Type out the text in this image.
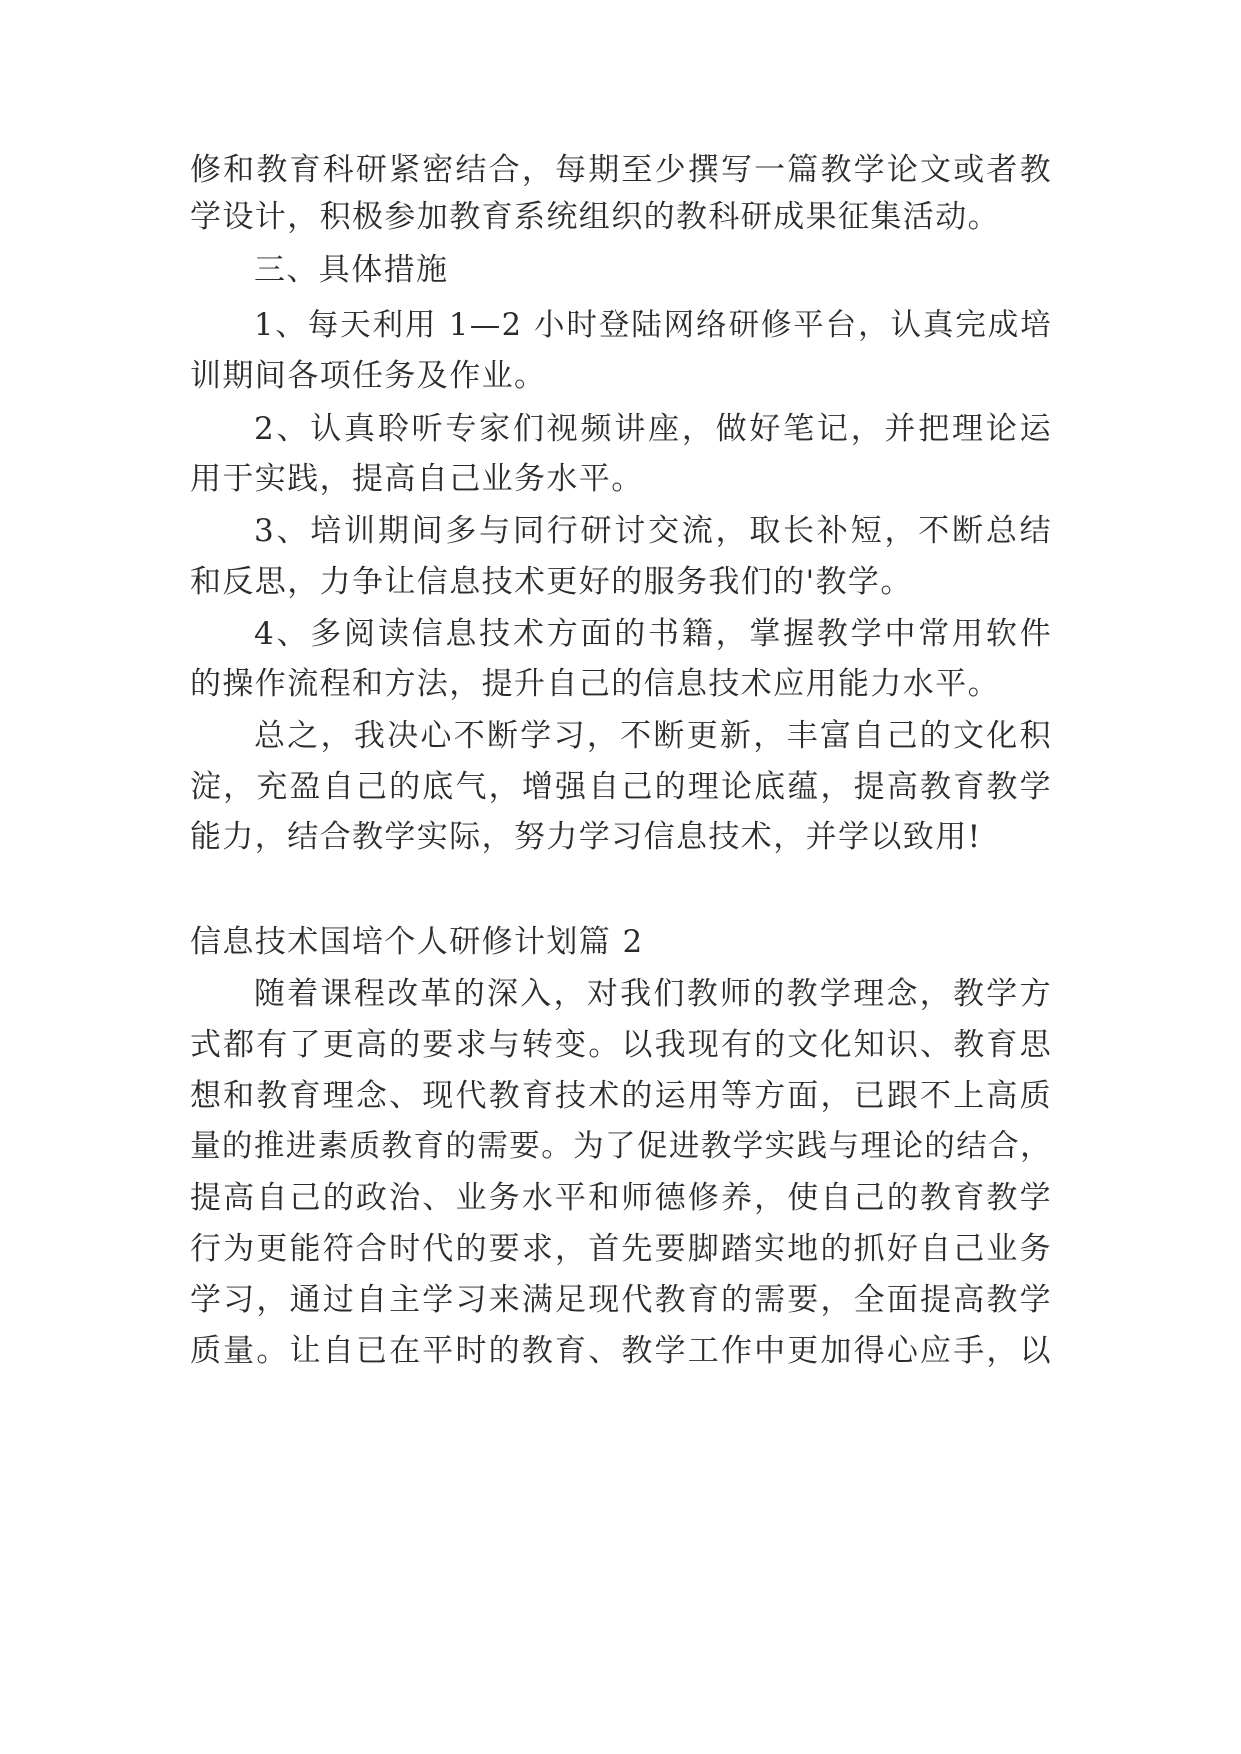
修和教育科研紧密结合，每期至少撰写一篇教学论文或者教
学设计，积极参加教育系统组织的教科研成果征集活动。
三、具体措施
1、每天利用 1—2 小时登陆网络研修平台，认真完成培
训期间各项任务及作业。
2、认真聆听专家们视频讲座，做好笔记，并把理论运
用于实践，提高自己业务水平。
3、培训期间多与同行研讨交流，取长补短，不断总结
和反思，力争让信息技术更好的服务我们的'教学。
4、多阅读信息技术方面的书籍，掌握教学中常用软件
的操作流程和方法，提升自己的信息技术应用能力水平。
总之，我决心不断学习，不断更新，丰富自己的文化积
淀，充盈自己的底气，增强自己的理论底蕴，提高教育教学
能力，结合教学实际，努力学习信息技术，并学以致用!
信息技术国培个人研修计划篇 2
随着课程改革的深入，对我们教师的教学理念，教学方
式都有了更高的要求与转变。以我现有的文化知识、教育思
想和教育理念、现代教育技术的运用等方面，已跟不上高质
量的推进素质教育的需要。为了促进教学实践与理论的结合，
提高自己的政治、业务水平和师德修养，使自己的教育教学
行为更能符合时代的要求，首先要脚踏实地的抓好自己业务
学习，通过自主学习来满足现代教育的需要，全面提高教学
质量。让自已在平时的教育、教学工作中更加得心应手，以
